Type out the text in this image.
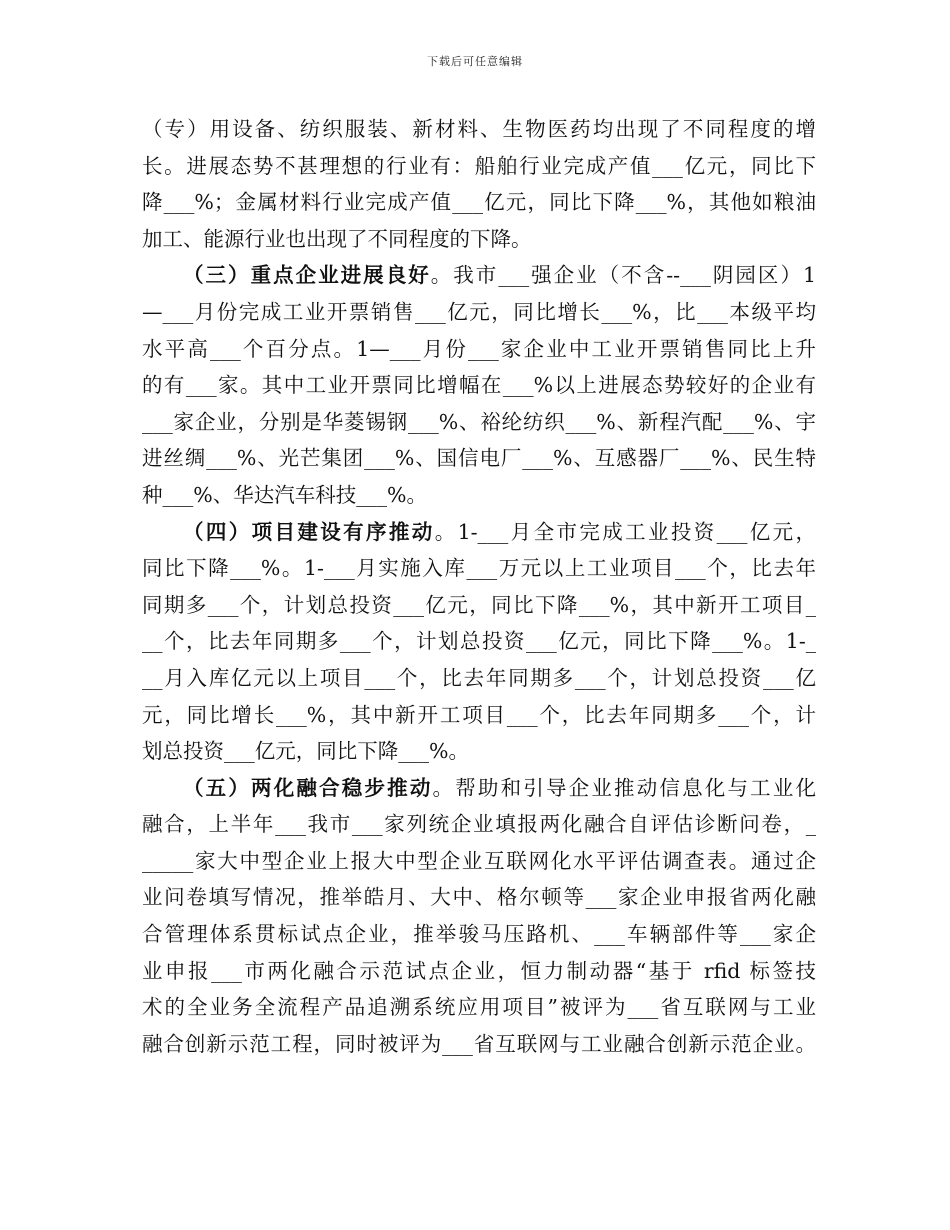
下载后可任意编辑
（专）用设备、纺织服装、新材料、生物医药均出现了不同程度的增
长。进展态势不甚理想的行业有：船舶行业完成产值___亿元，同比下
降___%；金属材料行业完成产值___亿元，同比下降___%，其他如粮油
加工、能源行业也出现了不同程度的下降。
（三）重点企业进展良好。我市___强企业（不含--___阴园区）1
—___月份完成工业开票销售___亿元，同比增长___%，比___本级平均
水平高___个百分点。1—___月份___家企业中工业开票销售同比上升
的有___家。其中工业开票同比增幅在___%以上进展态势较好的企业有
___家企业，分别是华菱锡钢___%、裕纶纺织___%、新程汽配___%、宇
进丝绸___%、光芒集团___%、国信电厂___%、互感器厂___%、民生特
种___%、华达汽车科技___%。
（四）项目建设有序推动。1-___月全市完成工业投资___亿元，
同比下降___%。1-___月实施入库___万元以上工业项目___个，比去年
同期多___个，计划总投资___亿元，同比下降___%，其中新开工项目_
__个，比去年同期多___个，计划总投资___亿元，同比下降___%。1-_
__月入库亿元以上项目___个，比去年同期多___个，计划总投资___亿
元，同比增长___%，其中新开工项目___个，比去年同期多___个，计
划总投资___亿元，同比下降___%。
（五）两化融合稳步推动。帮助和引导企业推动信息化与工业化
融合，上半年___我市___家列统企业填报两化融合自评估诊断问卷，_
_____家大中型企业上报大中型企业互联网化水平评估调查表。通过企
业问卷填写情况，推举皓月、大中、格尔顿等___家企业申报省两化融
合管理体系贯标试点企业，推举骏马压路机、___车辆部件等___家企
业申报___市两化融合示范试点企业，恒力制动器“基于 rfid 标签技
术的全业务全流程产品追溯系统应用项目”被评为___省互联网与工业
融合创新示范工程，同时被评为___省互联网与工业融合创新示范企业。
